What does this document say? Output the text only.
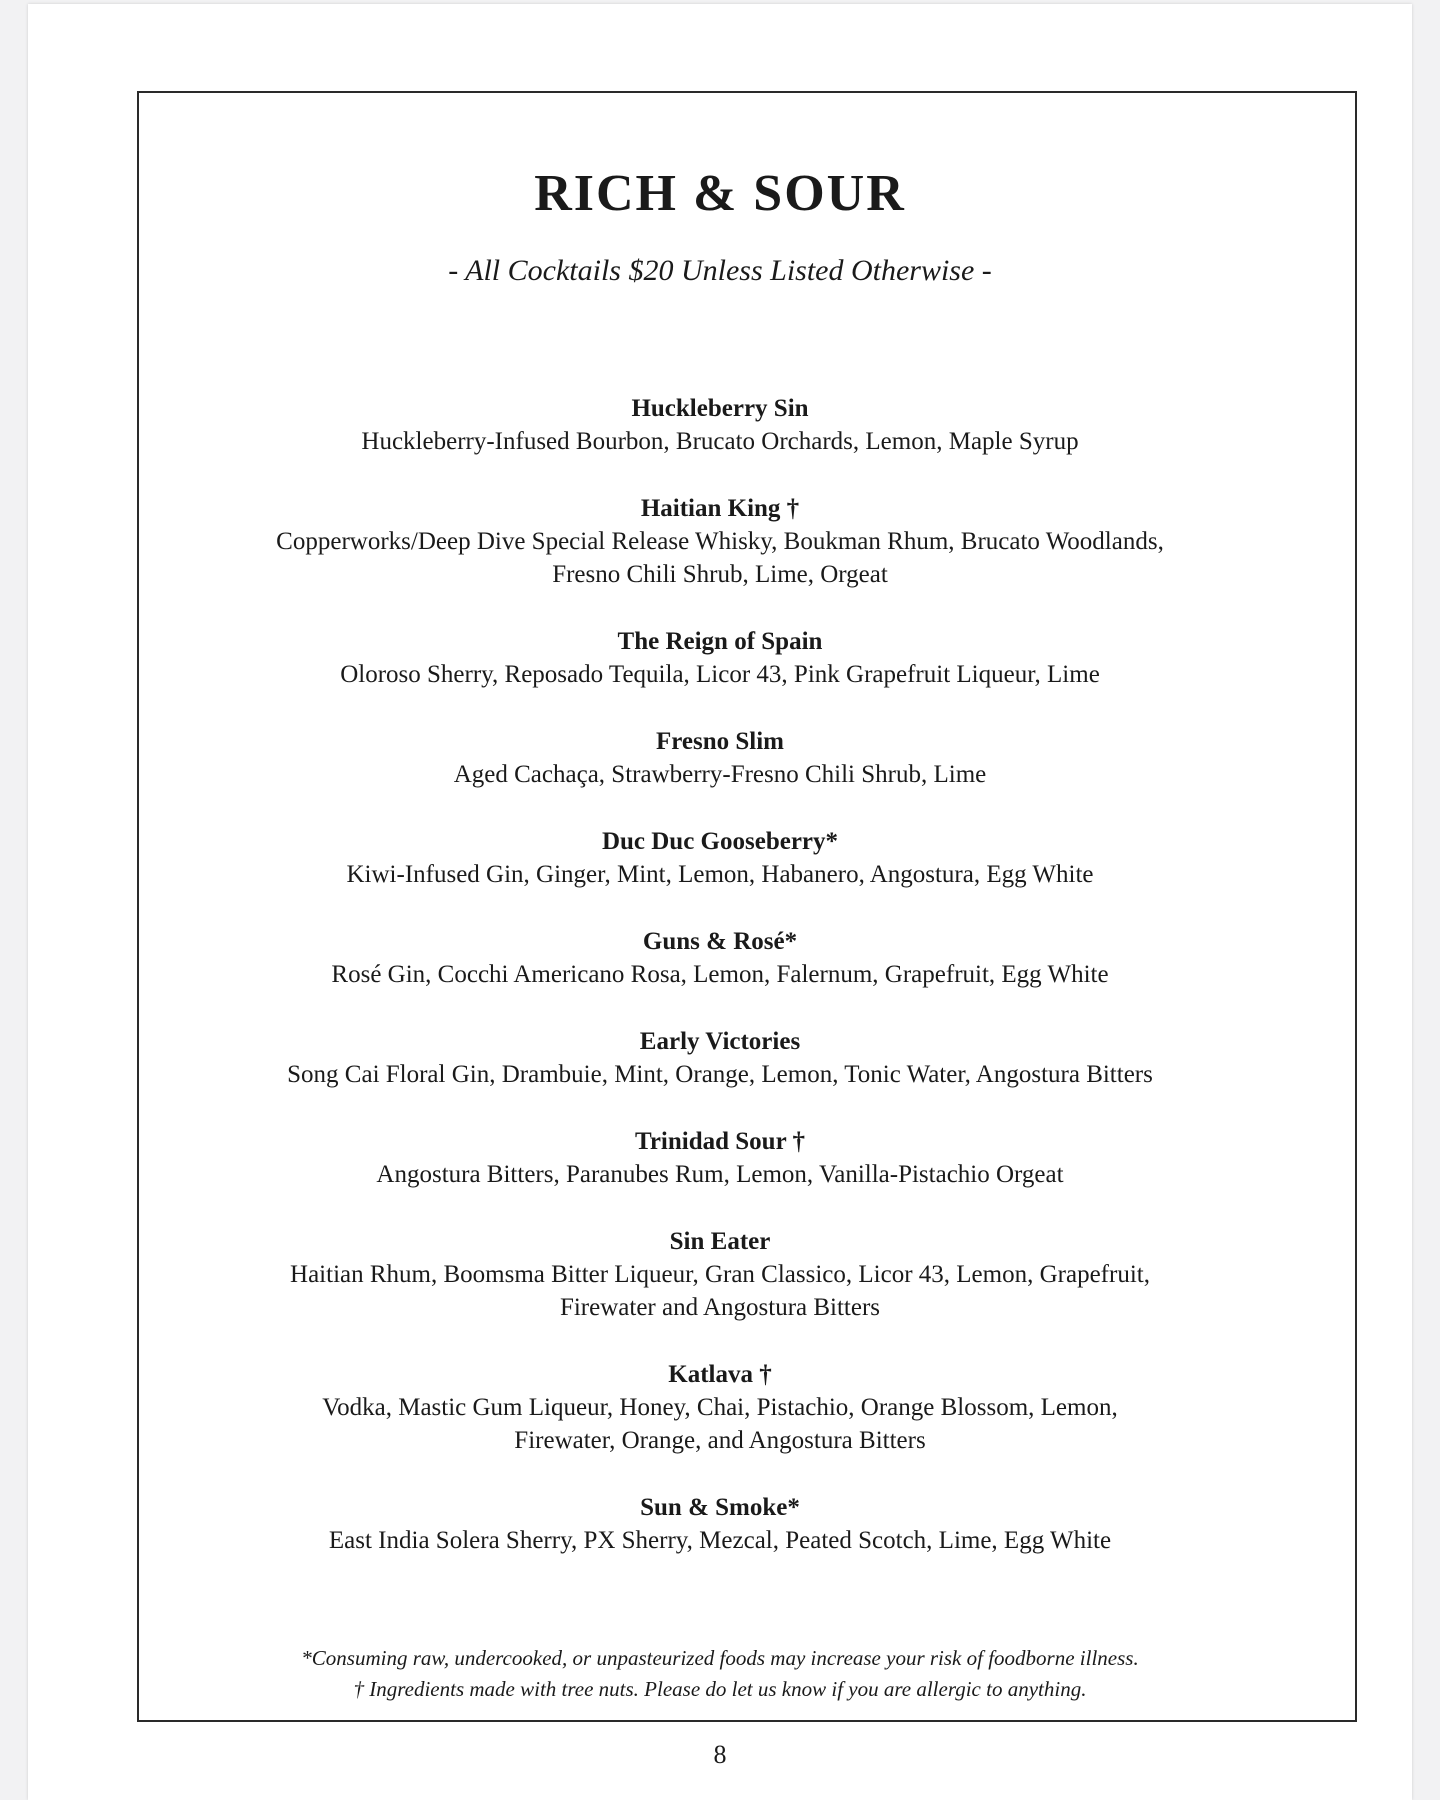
RICH & SOUR

- All Cocktails $20 Unless Listed Otherwise -

Huckleberry Sin
Huckleberry-Infused Bourbon, Brucato Orchards, Lemon, Maple Syrup
Haitian King †
Copperworks/Deep Dive Special Release Whisky, Boukman Rhum, Brucato Woodlands,
Fresno Chili Shrub, Lime, Orgeat
The Reign of Spain
Oloroso Sherry, Reposado Tequila, Licor 43, Pink Grapefruit Liqueur, Lime
Fresno Slim
Aged Cachaça, Strawberry-Fresno Chili Shrub, Lime
Duc Duc Gooseberry*
Kiwi-Infused Gin, Ginger, Mint, Lemon, Habanero, Angostura, Egg White
Guns & Rosé*
Rosé Gin, Cocchi Americano Rosa, Lemon, Falernum, Grapefruit, Egg White
Early Victories
Song Cai Floral Gin, Drambuie, Mint, Orange, Lemon, Tonic Water, Angostura Bitters
Trinidad Sour †
Angostura Bitters, Paranubes Rum, Lemon, Vanilla-Pistachio Orgeat
Sin Eater
Haitian Rhum, Boomsma Bitter Liqueur, Gran Classico, Licor 43, Lemon, Grapefruit,
Firewater and Angostura Bitters
Katlava †
Vodka, Mastic Gum Liqueur, Honey, Chai, Pistachio, Orange Blossom, Lemon,
Firewater, Orange, and Angostura Bitters
Sun & Smoke*
East India Solera Sherry, PX Sherry, Mezcal, Peated Scotch, Lime, Egg White
*Consuming raw, undercooked, or unpasteurized foods may increase your risk of foodborne illness.
† Ingredients made with tree nuts. Please do let us know if you are allergic to anything.
8
